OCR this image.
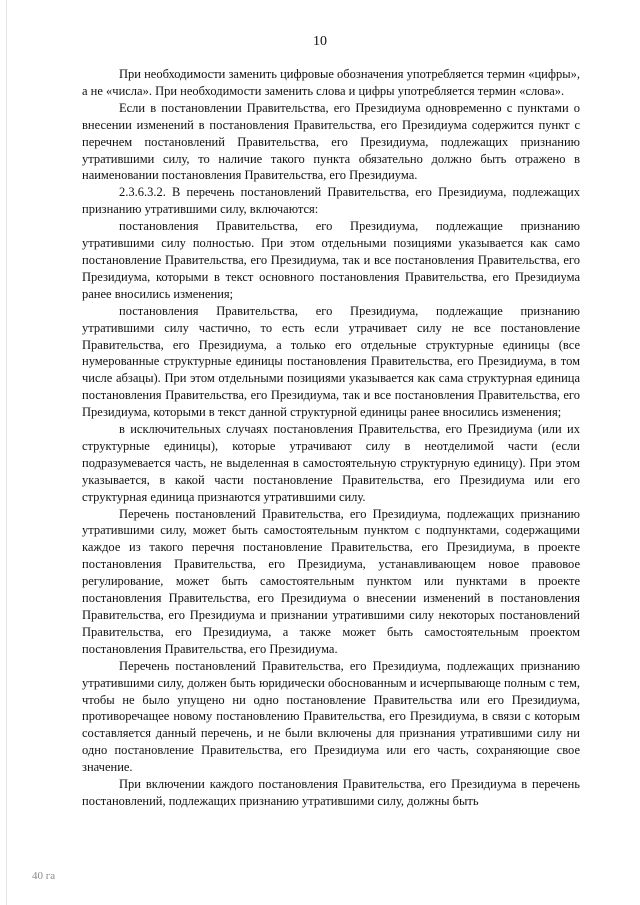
10

При необходимости заменить цифровые обозначения употребляется термин «цифры», а не «числа». При необходимости заменить слова и цифры употребляется термин «слова».

Если в постановлении Правительства, его Президиума одновременно с пунктами о внесении изменений в постановления Правительства, его Президиума содержится пункт с перечнем постановлений Правительства, его Президиума, подлежащих признанию утратившими силу, то наличие такого пункта обязательно должно быть отражено в наименовании постановления Правительства, его Президиума.

2.3.6.3.2. В перечень постановлений Правительства, его Президиума, подлежащих признанию утратившими силу, включаются:

постановления Правительства, его Президиума, подлежащие признанию утратившими силу полностью. При этом отдельными позициями указывается как само постановление Правительства, его Президиума, так и все постановления Правительства, его Президиума, которыми в текст основного постановления Правительства, его Президиума ранее вносились изменения;

постановления Правительства, его Президиума, подлежащие признанию утратившими силу частично, то есть если утрачивает силу не все постановление Правительства, его Президиума, а только его отдельные структурные единицы (все нумерованные структурные единицы постановления Правительства, его Президиума, в том числе абзацы). При этом отдельными позициями указывается как сама структурная единица постановления Правительства, его Президиума, так и все постановления Правительства, его Президиума, которыми в текст данной структурной единицы ранее вносились изменения;

в исключительных случаях постановления Правительства, его Президиума (или их структурные единицы), которые утрачивают силу в неотделимой части (если подразумевается часть, не выделенная в самостоятельную структурную единицу). При этом указывается, в какой части постановление Правительства, его Президиума или его структурная единица признаются утратившими силу.

Перечень постановлений Правительства, его Президиума, подлежащих признанию утратившими силу, может быть самостоятельным пунктом с подпунктами, содержащими каждое из такого перечня постановление Правительства, его Президиума, в проекте постановления Правительства, его Президиума, устанавливающем новое правовое регулирование, может быть самостоятельным пунктом или пунктами в проекте постановления Правительства, его Президиума о внесении изменений в постановления Правительства, его Президиума и признании утратившими силу некоторых постановлений Правительства, его Президиума, а также может быть самостоятельным проектом постановления Правительства, его Президиума.

Перечень постановлений Правительства, его Президиума, подлежащих признанию утратившими силу, должен быть юридически обоснованным и исчерпывающе полным с тем, чтобы не было упущено ни одно постановление Правительства или его Президиума, противоречащее новому постановлению Правительства, его Президиума, в связи с которым составляется данный перечень, и не были включены для признания утратившими силу ни одно постановление Правительства, его Президиума или его часть, сохраняющие свое значение.

При включении каждого постановления Правительства, его Президиума в перечень постановлений, подлежащих признанию утратившими силу, должны быть

40 га
